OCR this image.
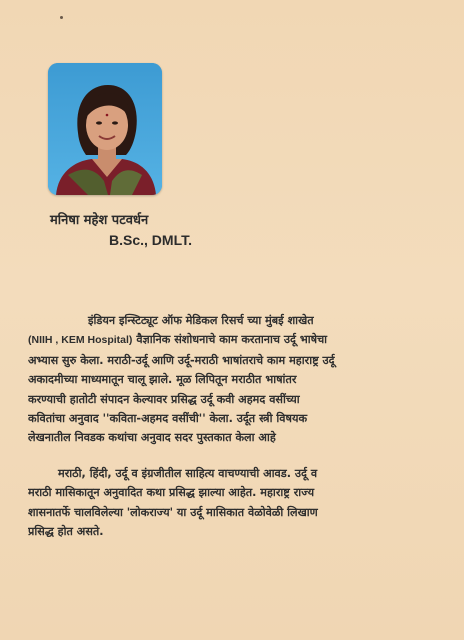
मनिषा महेश पटवर्धन
B.Sc., DMLT.
इंडियन इन्स्टिट्यूट ऑफ मेडिकल रिसर्च च्या मुंबई शाखेत
(NIIH , KEM Hospital) वैज्ञानिक संशोधनाचे काम करतानाच उर्दू भाषेचा
अभ्यास सुरु केला. मराठी-उर्दू आणि उर्दू-मराठी भाषांतराचे काम महाराष्ट्र उर्दू
अकादमीच्या माध्यमातून चालू झाले. मूळ लिपितून मराठीत भाषांतर
करण्याची हातोटी संपादन केल्यावर प्रसिद्ध उर्दू कवी अहमद वसींच्या
कवितांचा अनुवाद ''कविता-अहमद वसींची'' केला. उर्दूत स्त्री विषयक
लेखनातील निवडक कथांचा अनुवाद सदर पुस्तकात केला आहे
मराठी, हिंदी, उर्दू व इंग्रजीतील साहित्य वाचण्याची आवड. उर्दू व
मराठी मासिकातून अनुवादित कथा प्रसिद्ध झाल्या आहेत. महाराष्ट्र राज्य
शासनातर्फे चालविलेल्या 'लोकराज्य' या उर्दू मासिकात वेळोवेळी लिखाण
प्रसिद्ध होत असते.
